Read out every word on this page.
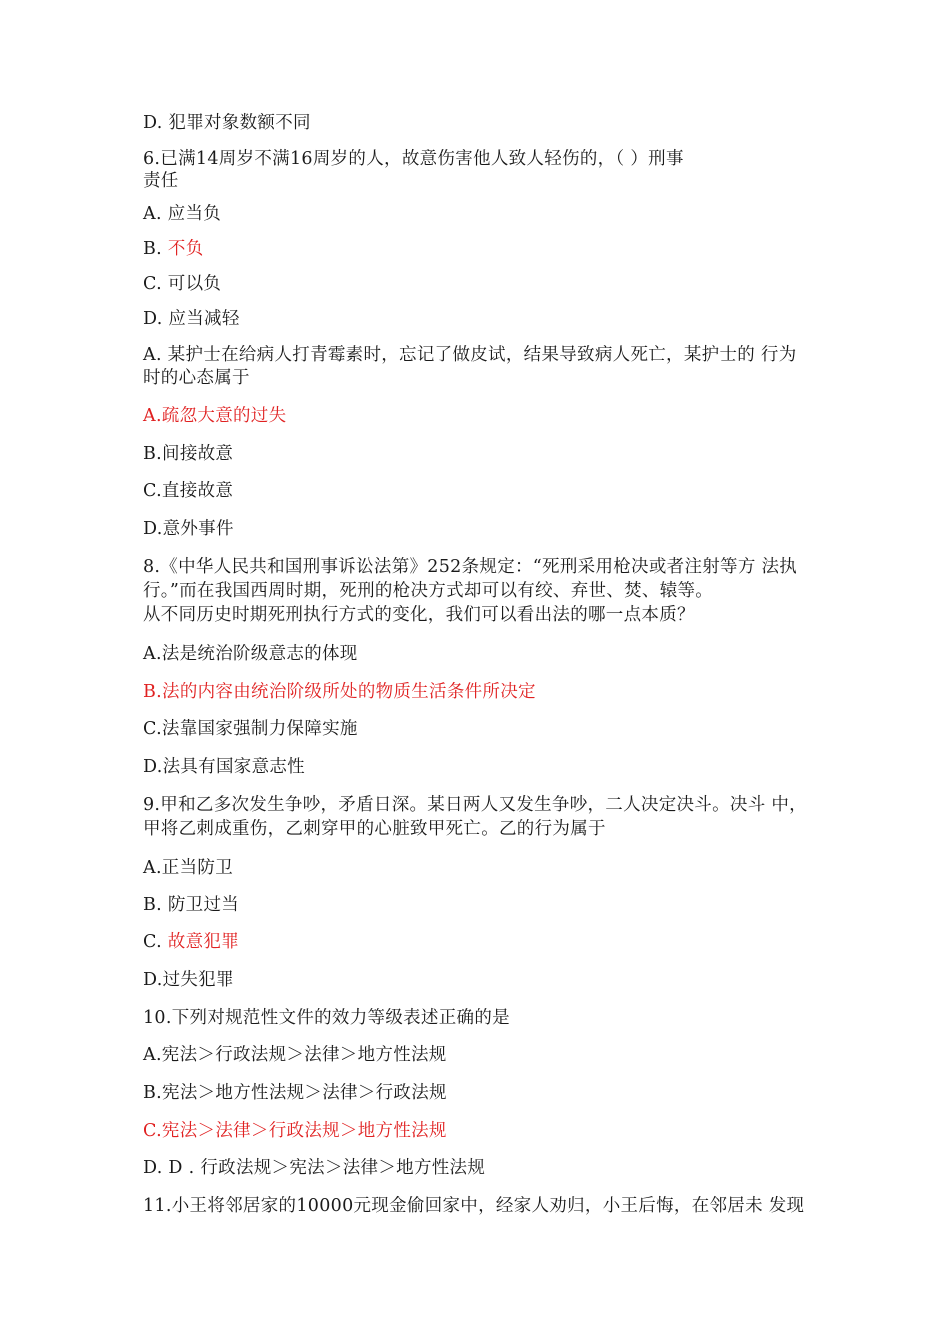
D. 犯罪对象数额不同
6.已满14周岁不满16周岁的人，故意伤害他人致人轻伤的，（ ）刑事
责任
A. 应当负
B. 不负
C. 可以负
D. 应当减轻
A. 某护士在给病人打青霉素时，忘记了做皮试，结果导致病人死亡，某护士的 行为
时的心态属于
A.疏忽大意的过失
B.间接故意
C.直接故意
D.意外事件
8.《中华人民共和国刑事诉讼法第》252条规定：“死刑采用枪决或者注射等方 法执
行。”而在我国西周时期，死刑的枪决方式却可以有绞、弃世、焚、辕等。
从不同历史时期死刑执行方式的变化，我们可以看出法的哪一点本质？
A.法是统治阶级意志的体现
B.法的内容由统治阶级所处的物质生活条件所决定
C.法靠国家强制力保障实施
D.法具有国家意志性
9.甲和乙多次发生争吵，矛盾日深。某日两人又发生争吵，二人决定决斗。决斗 中，
甲将乙刺成重伤，乙刺穿甲的心脏致甲死亡。乙的行为属于
A.正当防卫
B. 防卫过当
C. 故意犯罪
D.过失犯罪
10.下列对规范性文件的效力等级表述正确的是
A.宪法＞行政法规＞法律＞地方性法规
B.宪法＞地方性法规＞法律＞行政法规
C.宪法＞法律＞行政法规＞地方性法规
D. D . 行政法规＞宪法＞法律＞地方性法规
11.小王将邻居家的10000元现金偷回家中，经家人劝归，小王后悔，在邻居未 发现
